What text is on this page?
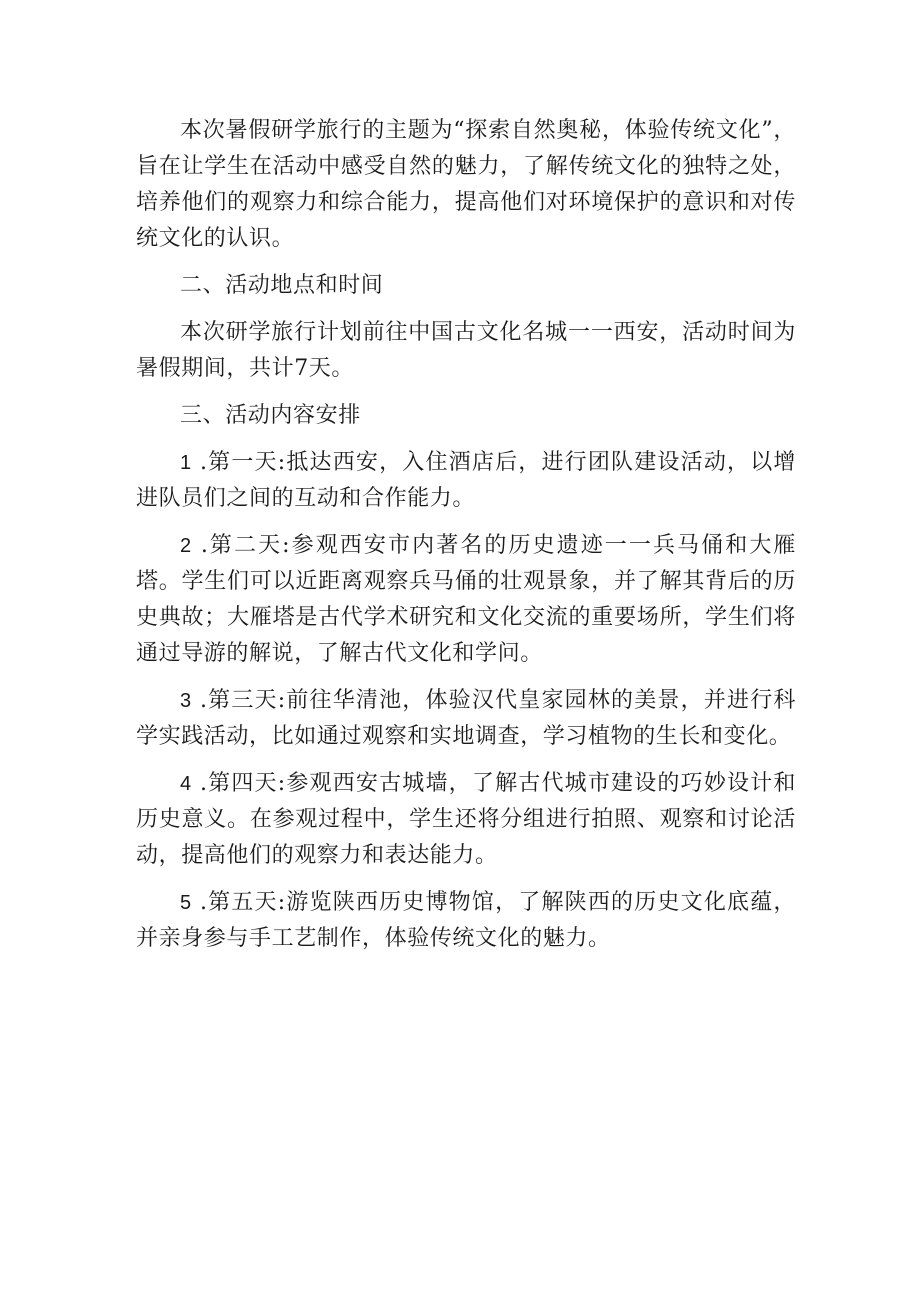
本次暑假研学旅行的主题为“探索自然奥秘，体验传统文化”，旨在让学生在活动中感受自然的魅力，了解传统文化的独特之处，培养他们的观察力和综合能力，提高他们对环境保护的意识和对传统文化的认识。

二、活动地点和时间

本次研学旅行计划前往中国古文化名城一一西安，活动时间为暑假期间，共计7天。

三、活动内容安排

1 .第一天:抵达西安，入住酒店后，进行团队建设活动，以增进队员们之间的互动和合作能力。

2 .第二天:参观西安市内著名的历史遗迹一一兵马俑和大雁塔。学生们可以近距离观察兵马俑的壮观景象，并了解其背后的历史典故；大雁塔是古代学术研究和文化交流的重要场所，学生们将通过导游的解说，了解古代文化和学问。

3 .第三天:前往华清池，体验汉代皇家园林的美景，并进行科学实践活动，比如通过观察和实地调查，学习植物的生长和变化。

4 .第四天:参观西安古城墙，了解古代城市建设的巧妙设计和历史意义。在参观过程中，学生还将分组进行拍照、观察和讨论活动，提高他们的观察力和表达能力。

5 .第五天:游览陕西历史博物馆，了解陕西的历史文化底蕴，并亲身参与手工艺制作，体验传统文化的魅力。
